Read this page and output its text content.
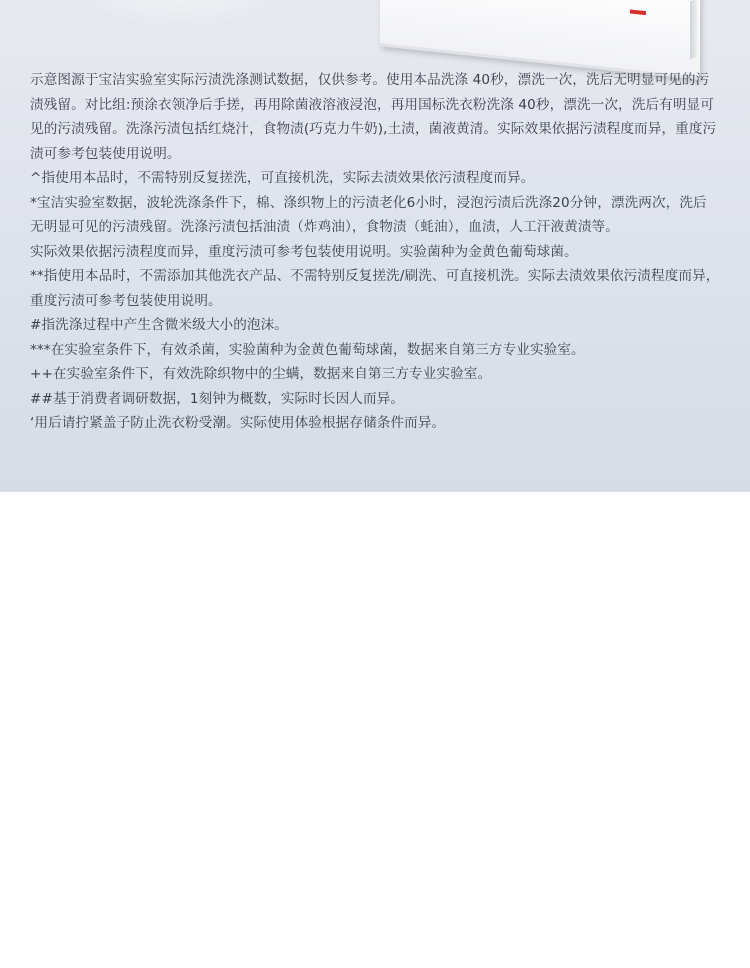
示意图源于宝洁实验室实际污渍洗涤测试数据，仅供参考。使用本品洗涤 40秒，漂洗一次，洗后无明显可见的污渍残留。对比组:预涂衣领净后手搓，再用除菌液溶液浸泡，再用国标洗衣粉洗涤 40秒，漂洗一次，洗后有明显可见的污渍残留。洗涤污渍包括红烧汁，食物渍(巧克力牛奶),土渍，菌液黄清。实际效果依据污渍程度而异，重度污渍可参考包装使用说明。

^指使用本品时，不需特别反复搓洗，可直接机洗，实际去渍效果依污渍程度而异。

*宝洁实验室数据，波轮洗涤条件下，棉、涤织物上的污渍老化6小时，浸泡污渍后洗涤20分钟，漂洗两次，洗后无明显可见的污渍残留。洗涤污渍包括油渍（炸鸡油），食物渍（蚝油），血渍，人工汗液黄渍等。

实际效果依据污渍程度而异，重度污渍可参考包装使用说明。实验菌种为金黄色葡萄球菌。

**指使用本品时，不需添加其他洗衣产品、不需特别反复搓洗/刷洗、可直接机洗。实际去渍效果依污渍程度而异，重度污渍可参考包装使用说明。

#指洗涤过程中产生含微米级大小的泡沫。

***在实验室条件下，有效杀菌，实验菌种为金黄色葡萄球菌，数据来自第三方专业实验室。

++在实验室条件下，有效洗除织物中的尘螨，数据来自第三方专业实验室。

##基于消费者调研数据，1刻钟为概数，实际时长因人而异。

‘用后请拧紧盖子防止洗衣粉受潮。实际使用体验根据存储条件而异。
